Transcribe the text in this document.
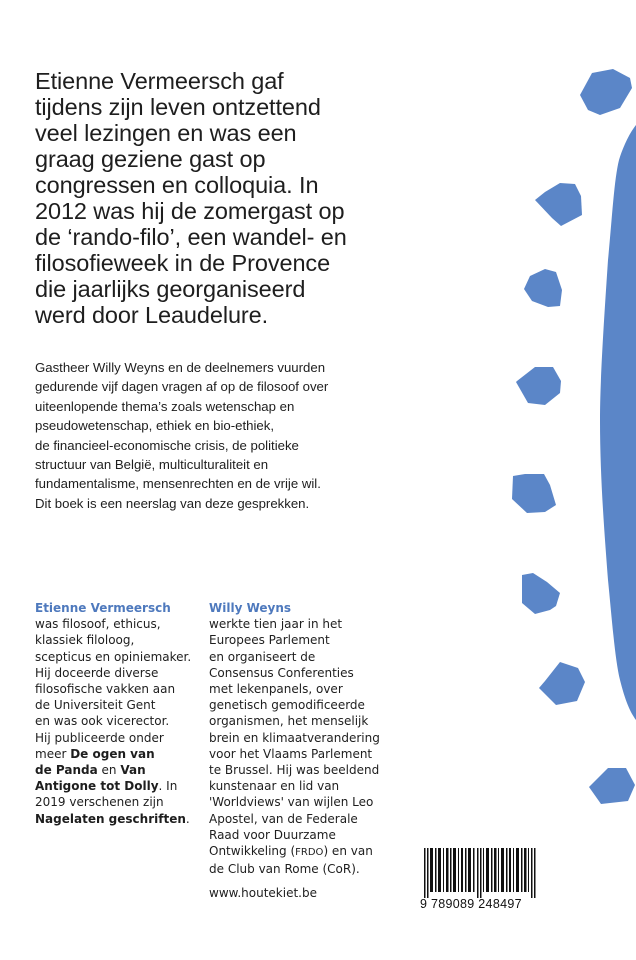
Etienne Vermeersch gaf
tijdens zijn leven ontzettend
veel lezingen en was een
graag geziene gast op
congressen en colloquia. In
2012 was hij de zomergast op
de ‘rando-filo’, een wandel- en
filosofieweek in de Provence
die jaarlijks georganiseerd
werd door Leaudelure.
Gastheer Willy Weyns en de deelnemers vuurden
gedurende vijf dagen vragen af op de filosoof over
uiteenlopende thema’s zoals wetenschap en
pseudowetenschap, ethiek en bio-ethiek,
de financieel-economische crisis, de politieke
structuur van België, multiculturaliteit en
fundamentalisme, mensenrechten en de vrije wil.
Dit boek is een neerslag van deze gesprekken.
Etienne Vermeersch
was filosoof, ethicus,
klassiek filoloog,
scepticus en opiniemaker.
Hij doceerde diverse
filosofische vakken aan
de Universiteit Gent
en was ook vicerector.
Hij publiceerde onder
meer De ogen van
de Panda en Van
Antigone tot Dolly. In
2019 verschenen zijn
Nagelaten geschriften.
Willy Weyns
werkte tien jaar in het
Europees Parlement
en organiseert de
Consensus Conferenties
met lekenpanels, over
genetisch gemodificeerde
organismen, het menselijk
brein en klimaatverandering
voor het Vlaams Parlement
te Brussel. Hij was beeldend
kunstenaar en lid van
'Worldviews' van wijlen Leo
Apostel, van de Federale
Raad voor Duurzame
Ontwikkeling (FRDO) en van
de Club van Rome (CoR).
www.houtekiet.be
9 789089 248497
